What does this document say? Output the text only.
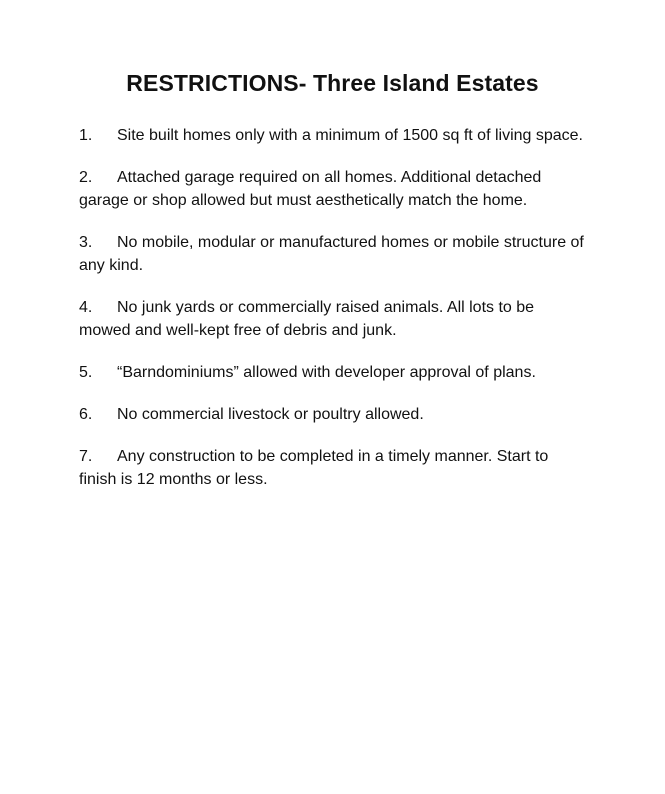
RESTRICTIONS- Three Island Estates
1. Site built homes only with a minimum of 1500 sq ft of living space.
2. Attached garage required on all homes. Additional detached garage or shop allowed but must aesthetically match the home.
3. No mobile, modular or manufactured homes or mobile structure of any kind.
4. No junk yards or commercially raised animals. All lots to be mowed and well-kept free of debris and junk.
5. “Barndominiums” allowed with developer approval of plans.
6. No commercial livestock or poultry allowed.
7. Any construction to be completed in a timely manner. Start to finish is 12 months or less.
